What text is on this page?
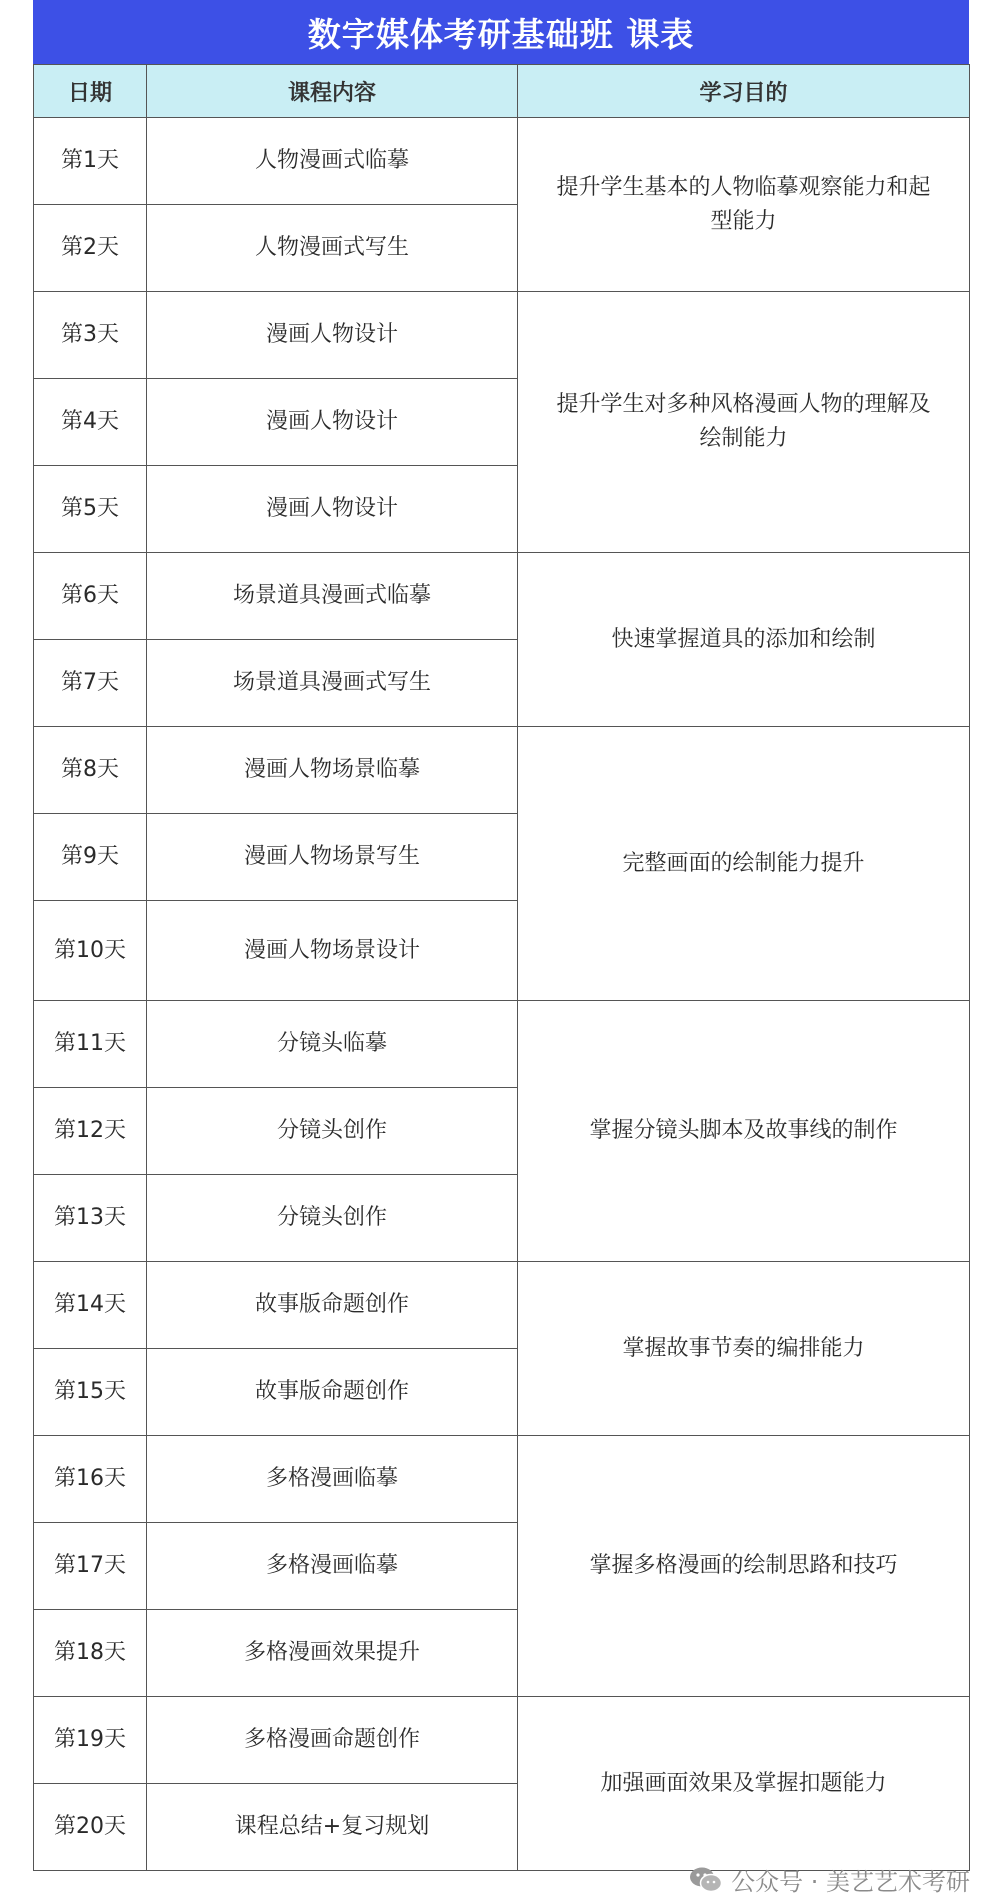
数字媒体考研基础班 课表
日期	课程内容	学习目的
第1天	人物漫画式临摹	提升学生基本的人物临摹观察能力和起型能力
第2天	人物漫画式写生	
第3天	漫画人物设计	提升学生对多种风格漫画人物的理解及绘制能力
第4天	漫画人物设计	
第5天	漫画人物设计	
第6天	场景道具漫画式临摹	快速掌握道具的添加和绘制
第7天	场景道具漫画式写生	
第8天	漫画人物场景临摹	完整画面的绘制能力提升
第9天	漫画人物场景写生	
第10天	漫画人物场景设计	
第11天	分镜头临摹	掌握分镜头脚本及故事线的制作
第12天	分镜头创作	
第13天	分镜头创作	
第14天	故事版命题创作	掌握故事节奏的编排能力
第15天	故事版命题创作	
第16天	多格漫画临摹	掌握多格漫画的绘制思路和技巧
第17天	多格漫画临摹	
第18天	多格漫画效果提升	
第19天	多格漫画命题创作	加强画面效果及掌握扣题能力
第20天	课程总结+复习规划	
公众号 · 美艺艺术考研
